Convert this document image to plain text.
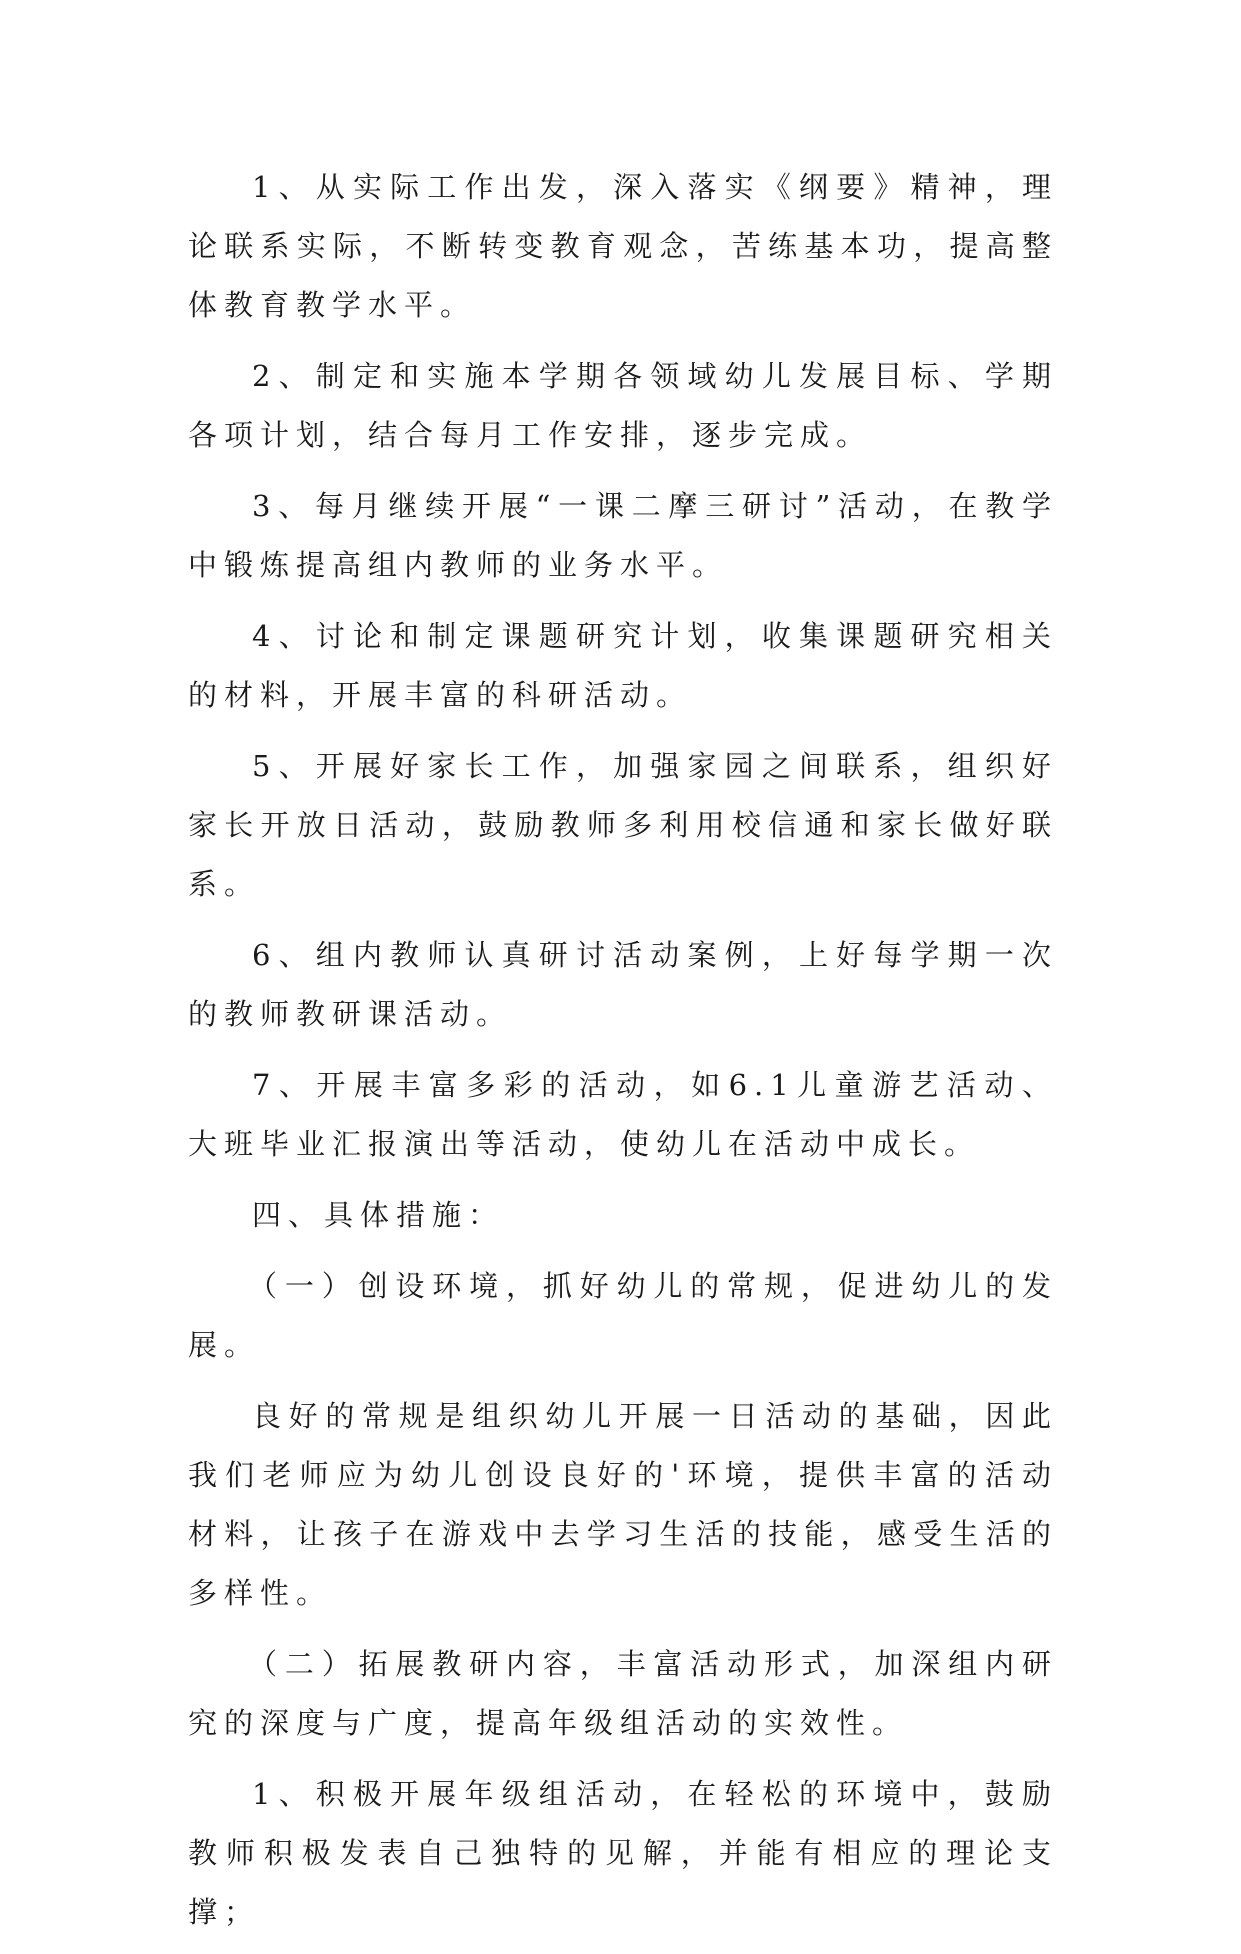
1、从实际工作出发，深入落实《纲要》精神，理论联系实际，不断转变教育观念，苦练基本功，提高整体教育教学水平。

2、制定和实施本学期各领域幼儿发展目标、学期各项计划，结合每月工作安排，逐步完成。

3、每月继续开展“一课二摩三研讨”活动，在教学中锻炼提高组内教师的业务水平。

4、讨论和制定课题研究计划，收集课题研究相关的材料，开展丰富的科研活动。

5、开展好家长工作，加强家园之间联系，组织好家长开放日活动，鼓励教师多利用校信通和家长做好联系。

6、组内教师认真研讨活动案例，上好每学期一次的教师教研课活动。

7、开展丰富多彩的活动，如6.1儿童游艺活动、大班毕业汇报演出等活动，使幼儿在活动中成长。

四、具体措施：

（一）创设环境，抓好幼儿的常规，促进幼儿的发展。

良好的常规是组织幼儿开展一日活动的基础，因此我们老师应为幼儿创设良好的'环境，提供丰富的活动材料，让孩子在游戏中去学习生活的技能，感受生活的多样性。

（二）拓展教研内容，丰富活动形式，加深组内研究的深度与广度，提高年级组活动的实效性。

1、积极开展年级组活动，在轻松的环境中，鼓励教师积极发表自己独特的见解，并能有相应的理论支撑；
